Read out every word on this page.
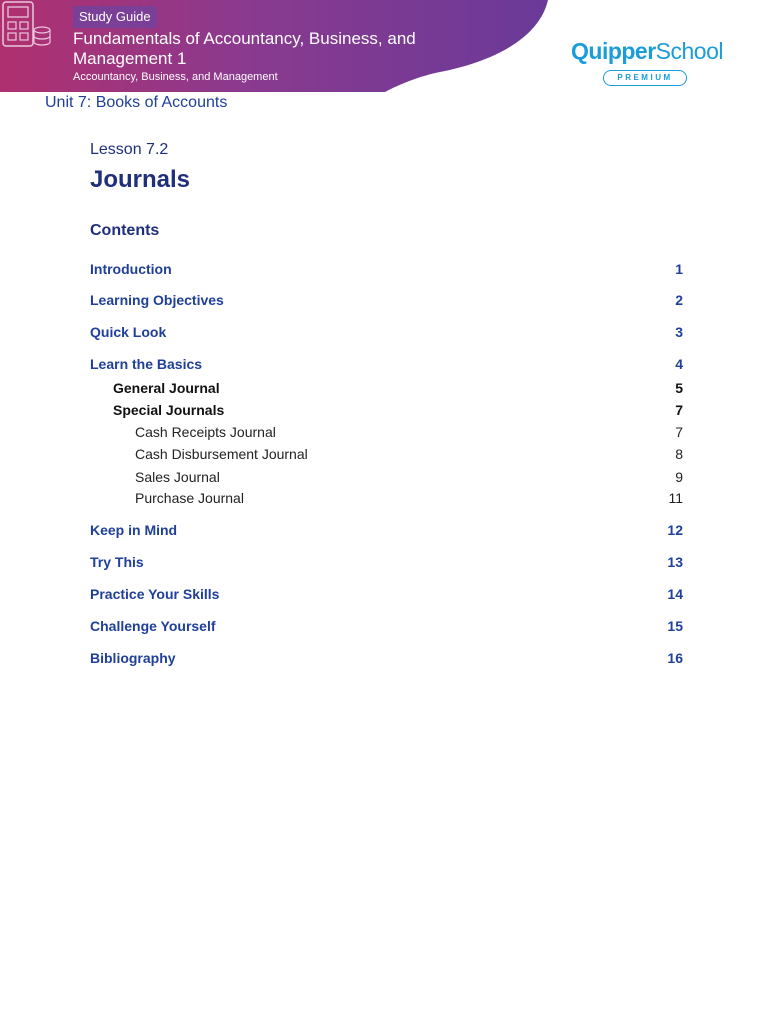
Study Guide
Fundamentals of Accountancy, Business, and Management 1
Accountancy, Business, and Management
QuipperSchool
PREMIUM
Unit 7: Books of Accounts
Lesson 7.2
Journals
Contents
Introduction	1
Learning Objectives	2
Quick Look	3
Learn the Basics	4
General Journal	5
Special Journals	7
Cash Receipts Journal	7
Cash Disbursement Journal	8
Sales Journal	9
Purchase Journal	11
Keep in Mind	12
Try This	13
Practice Your Skills	14
Challenge Yourself	15
Bibliography	16
